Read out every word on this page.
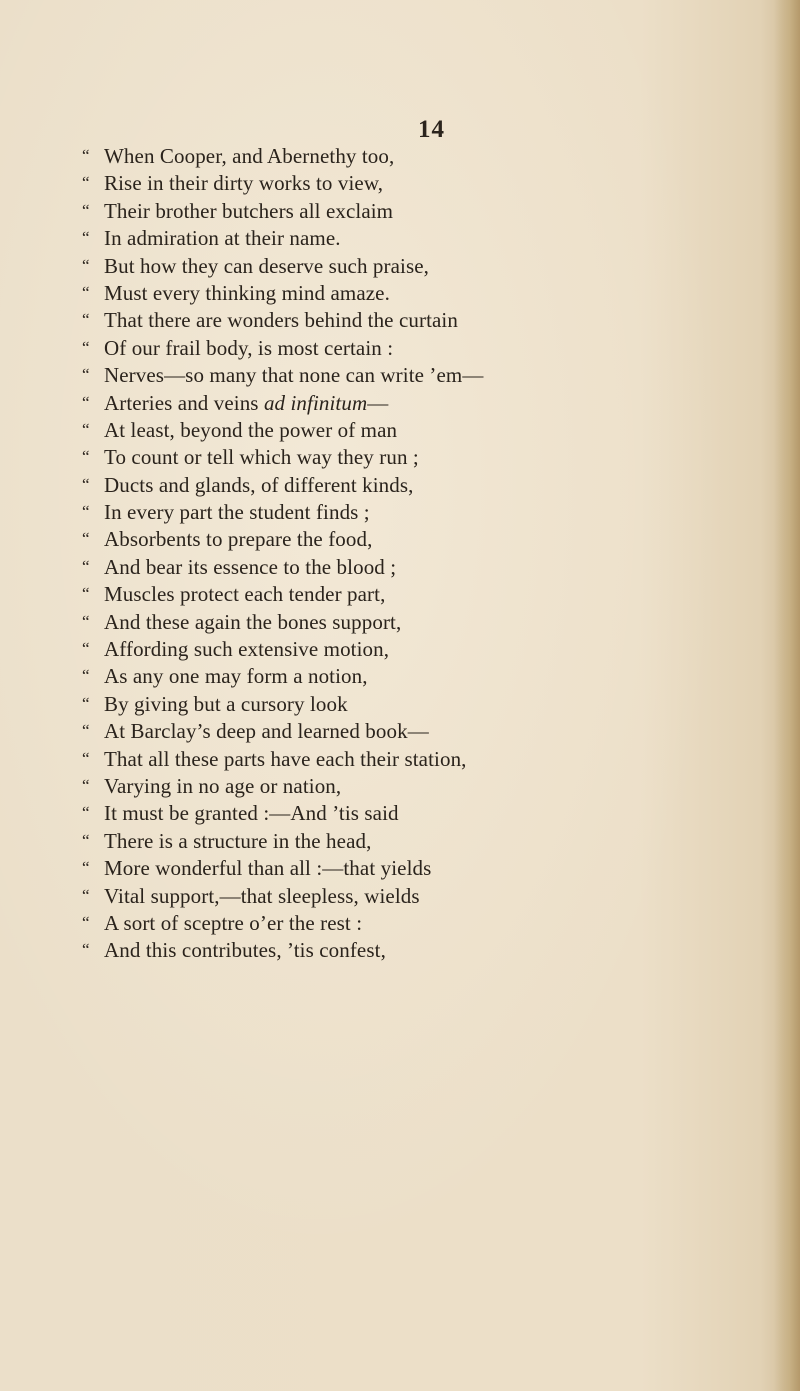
14
“ When Cooper, and Abernethy too,
“ Rise in their dirty works to view,
“ Their brother butchers all exclaim
“ In admiration at their name.
“ But how they can deserve such praise,
“ Must every thinking mind amaze.
“ That there are wonders behind the curtain
“ Of our frail body, is most certain :
“ Nerves—so many that none can write ’em—
“ Arteries and veins ad infinitum—
“ At least, beyond the power of man
“ To count or tell which way they run ;
“ Ducts and glands, of different kinds,
“ In every part the student finds ;
“ Absorbents to prepare the food,
“ And bear its essence to the blood ;
“ Muscles protect each tender part,
“ And these again the bones support,
“ Affording such extensive motion,
“ As any one may form a notion,
“ By giving but a cursory look
“ At Barclay’s deep and learned book—
“ That all these parts have each their station,
“ Varying in no age or nation,
“ It must be granted :—And ’tis said
“ There is a structure in the head,
“ More wonderful than all :—that yields
“ Vital support,—that sleepless, wields
“ A sort of sceptre o’er the rest :
“ And this contributes, ’tis confest,
